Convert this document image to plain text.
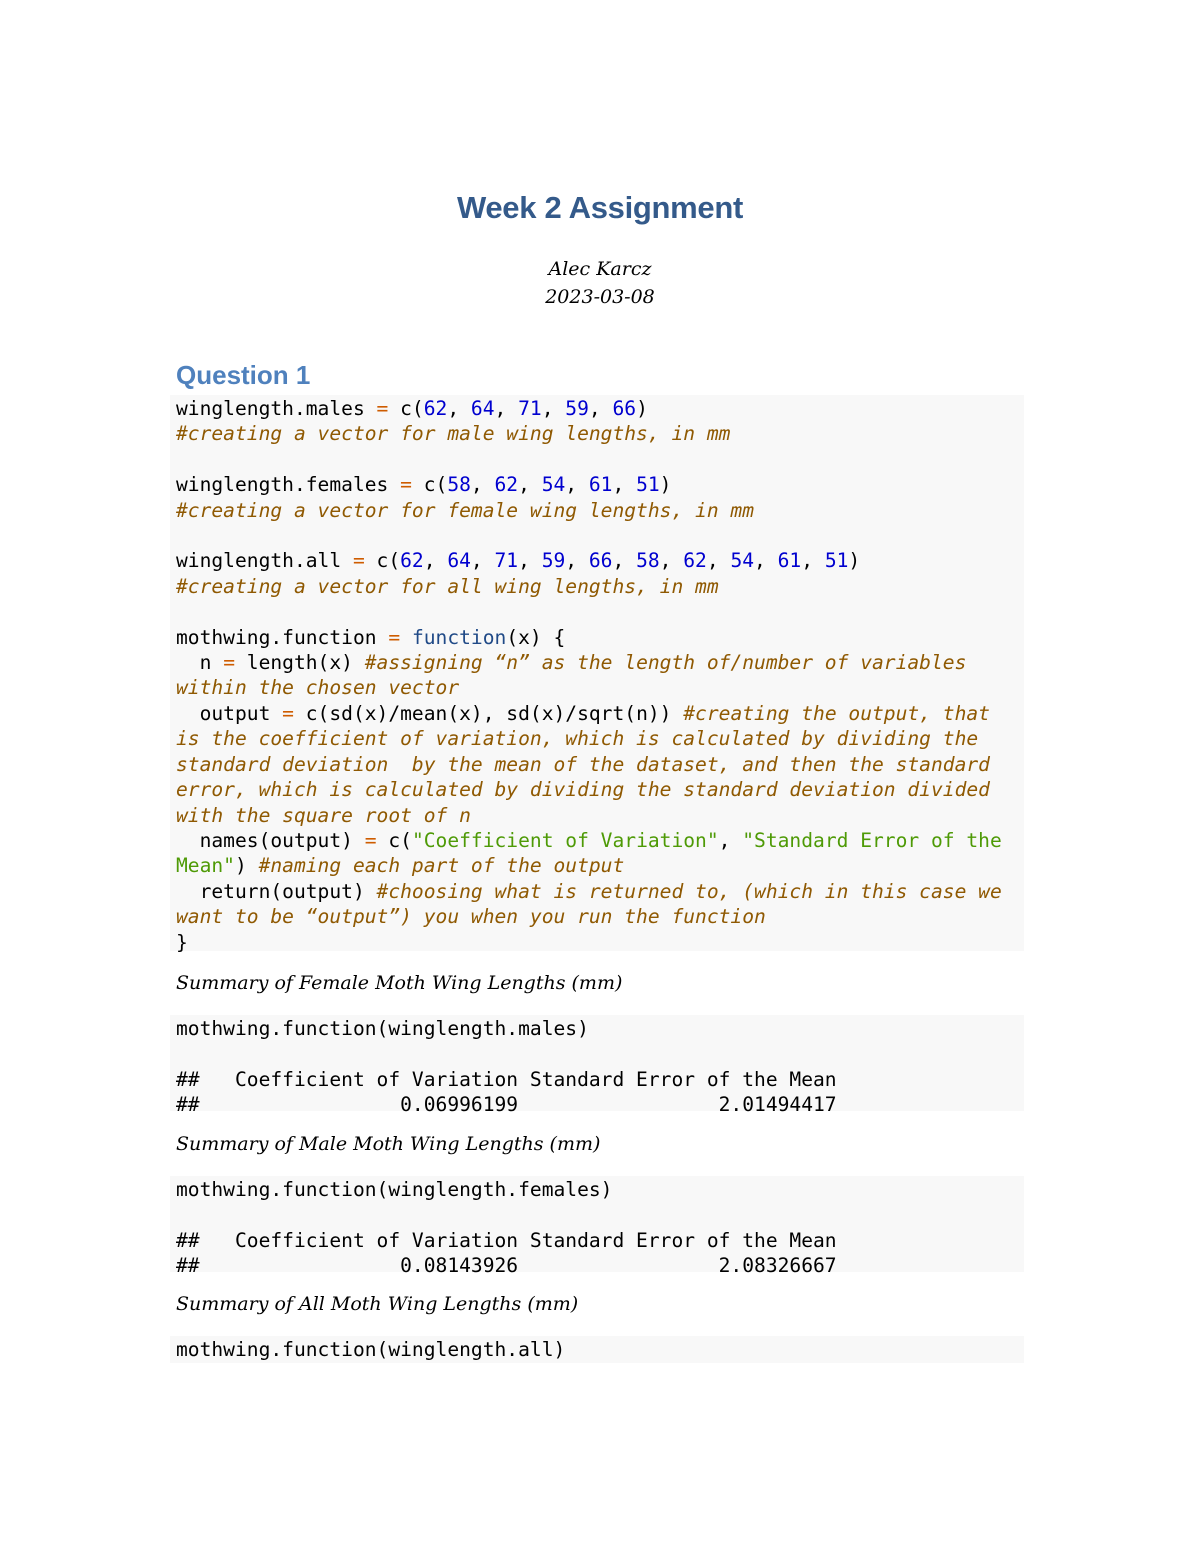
Week 2 Assignment
Alec Karcz
2023-03-08
Question 1
winglength.males = c(62, 64, 71, 59, 66)
#creating a vector for male wing lengths, in mm

winglength.females = c(58, 62, 54, 61, 51)
#creating a vector for female wing lengths, in mm

winglength.all = c(62, 64, 71, 59, 66, 58, 62, 54, 61, 51)
#creating a vector for all wing lengths, in mm

mothwing.function = function(x) {
n = length(x) #assigning “n” as the length of/number of variables
within the chosen vector
output = c(sd(x)/mean(x), sd(x)/sqrt(n)) #creating the output, that
is the coefficient of variation, which is calculated by dividing the
standard deviation  by the mean of the dataset, and then the standard
error, which is calculated by dividing the standard deviation divided
with the square root of n
names(output) = c("Coefficient of Variation", "Standard Error of the
Mean") #naming each part of the output
return(output) #choosing what is returned to, (which in this case we
want to be “output”) you when you run the function
}
Summary of Female Moth Wing Lengths (mm)
mothwing.function(winglength.males)

##   Coefficient of Variation Standard Error of the Mean
##                 0.06996199                 2.01494417
Summary of Male Moth Wing Lengths (mm)
mothwing.function(winglength.females)

##   Coefficient of Variation Standard Error of the Mean
##                 0.08143926                 2.08326667
Summary of All Moth Wing Lengths (mm)
mothwing.function(winglength.all)
